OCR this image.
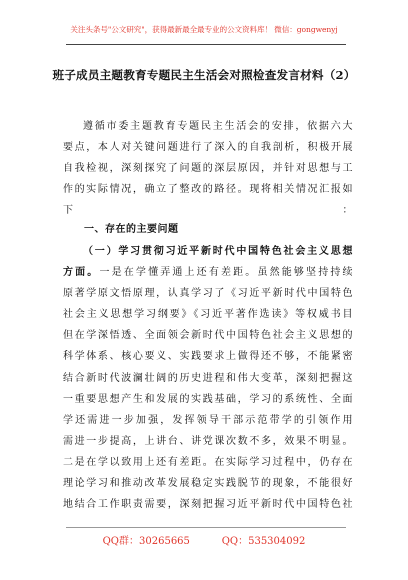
关注头条号"公文研究"，获得最新最全最专业的公文资料库！ 微信：gongwenyj
班子成员主题教育专题民主生活会对照检查发言材料（2）
遵循市委主题教育专题民主生活会的安排，依据六大
要点，本人对关键问题进行了深入的自我剖析，积极开展
自我检视，深刻探究了问题的深层原因，并针对思想与工
作的实际情况，确立了整改的路径。现将相关情况汇报如
下：
一、存在的主要问题
（一）学习贯彻习近平新时代中国特色社会主义思想
方面。一是在学懂弄通上还有差距。虽然能够坚持持续
原著学原文悟原理，认真学习了《习近平新时代中国特色
社会主义思想学习纲要》《习近平著作选读》等权威书目
但在学深悟透、全面领会新时代中国特色社会主义思想的
科学体系、核心要义、实践要求上做得还不够，不能紧密
结合新时代波澜壮阔的历史进程和伟大变革，深刻把握这
一重要思想产生和发展的实践基础，学习的系统性、全面
学还需进一步加强，发挥领导干部示范带学的引领作用
需进一步提高，上讲台、讲党课次数不多，效果不明显。
二是在学以致用上还有差距。在实际学习过程中，仍存在
理论学习和推动改革发展稳定实践脱节的现象，不能很好
地结合工作职责需要，深刻把握习近平新时代中国特色社
QQ群：30265665	QQ：535304092
